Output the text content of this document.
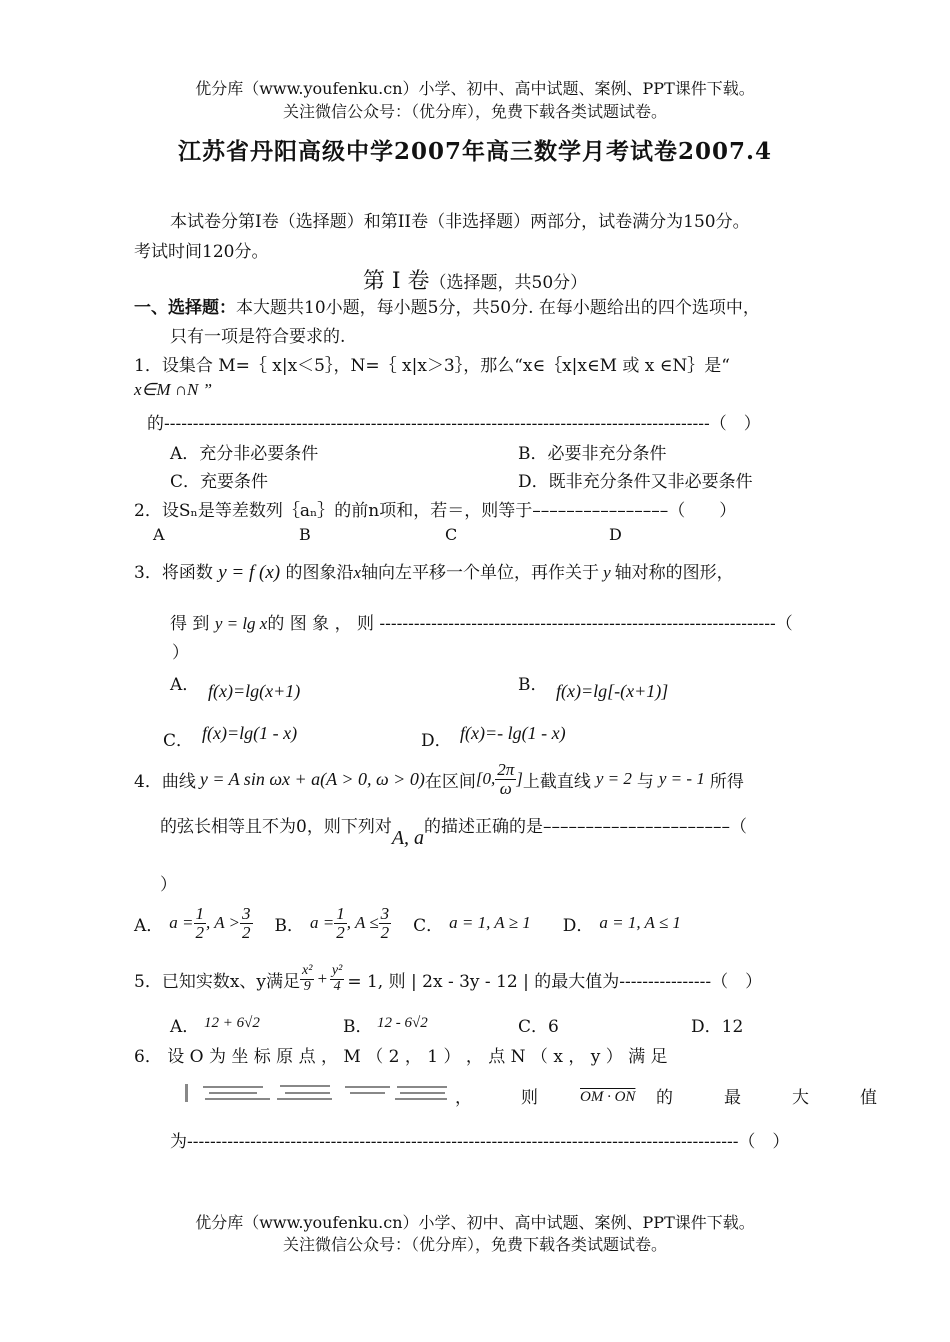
优分库（www.youfenku.cn）小学、初中、高中试题、案例、PPT课件下载。
关注微信公众号：（优分库），免费下载各类试题试卷。
江苏省丹阳高级中学2007年高三数学月考试卷2007.4
本试卷分第I卷（选择题）和第II卷（非选择题）两部分，试卷满分为150分。
考试时间120分。
第 I 卷（选择题，共50分）
一、选择题：本大题共10小题，每小题5分，共50分. 在每小题给出的四个选项中，
只有一项是符合要求的.
1．设集合 M=｛ x|x＜5｝，N=｛ x|x＞3｝，那么“x∈｛x|x∈M 或 x ∈N｝是“
x∈M ∩N ”
的-----------------------------------------------------------------------------------------------（　）
A．充分非必要条件	B．必要非充分条件
C．充要条件	D．既非充分条件又非必要条件
2．设Sₙ是等差数列｛aₙ｝的前n项和，若＝，则等于––––––––––––––––（　　）
A	B	C	D
3．将函数 y = f (x) 的图象沿x轴向左平移一个单位，再作关于 y 轴对称的图形，
得 到 y = lg x的 图 象 ， 则 ---------------------------------------------------------------------（
）
A． f(x)=lg(x+1)	B． f(x)=lg[-(x+1)]
C． f(x)=lg(1 - x)	D． f(x)=- lg(1 - x)
4．曲线 y = A sin ωx + a(A > 0, ω > 0) 在区间 [0, $\frac{2\pi}{\omega}$ ] 上截直线 y = 2 与 y = - 1 所得
的弦长相等且不为0，则下列对A, a的描述正确的是––––––––––––––––––––––（
）
A． $a = \frac{1}{2}$ , $A > \frac{3}{2}$	B． $a = \frac{1}{2}$ , $A \le \frac{3}{2}$	C． a = 1, A ≥ 1	D． a = 1, A ≤ 1
5．已知实数x、y满足 $\frac{\text{x²}}{9} + \frac{\text{y²}}{4} = 1$, 则 | 2x - 3y - 12 | 的最大值为----------------（　）
A． 12 + 6√2	B． 12 - 6√2	C．6	D．12
6． 设 O 为 坐 标 原 点 ， M （ 2 ， 1 ） ， 点 N （ x ， y ） 满 足
，	则	OM · ON 的　　　最　　　大　　　值
为------------------------------------------------------------------------------------------------（　）
优分库（www.youfenku.cn）小学、初中、高中试题、案例、PPT课件下载。
关注微信公众号：（优分库），免费下载各类试题试卷。
